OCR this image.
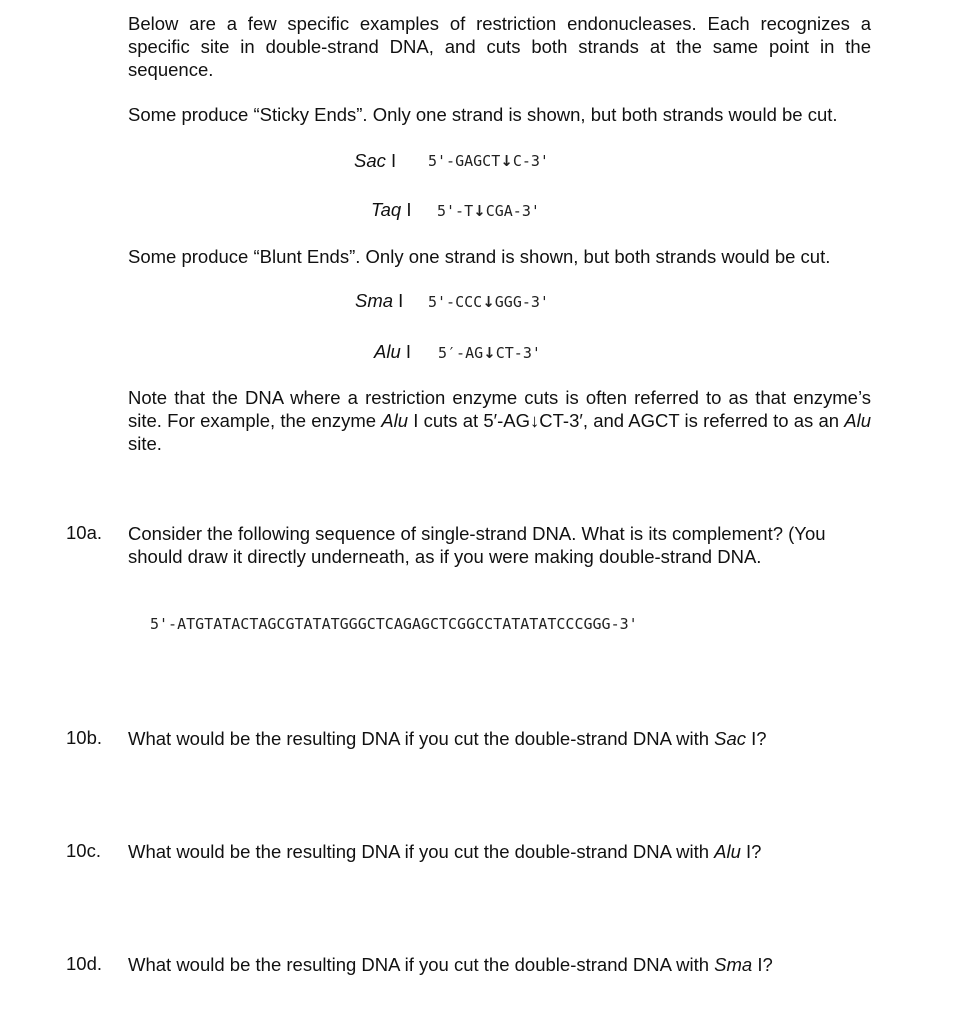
Below are a few specific examples of restriction endonucleases. Each recognizes a specific site in double-strand DNA, and cuts both strands at the same point in the sequence.

Some produce “Sticky Ends”. Only one strand is shown, but both strands would be cut.

Sac I 5'-GAGCT↓C-3'
Taq I 5'-T↓CGA-3'

Some produce “Blunt Ends”. Only one strand is shown, but both strands would be cut.

Sma I 5'-CCC↓GGG-3'
Alu I 5′-AG↓CT-3'

Note that the DNA where a restriction enzyme cuts is often referred to as that enzyme’s site. For example, the enzyme Alu I cuts at 5′-AG↓CT-3′, and AGCT is referred to as an Alu site.

10a. Consider the following sequence of single-strand DNA. What is its complement? (You should draw it directly underneath, as if you were making double-strand DNA.
5'-ATGTATACTAGCGTATATGGGCTCAGAGCTCGGCCTATATATCCCGGG-3'
10b. What would be the resulting DNA if you cut the double-strand DNA with Sac I?
10c. What would be the resulting DNA if you cut the double-strand DNA with Alu I?
10d. What would be the resulting DNA if you cut the double-strand DNA with Sma I?
